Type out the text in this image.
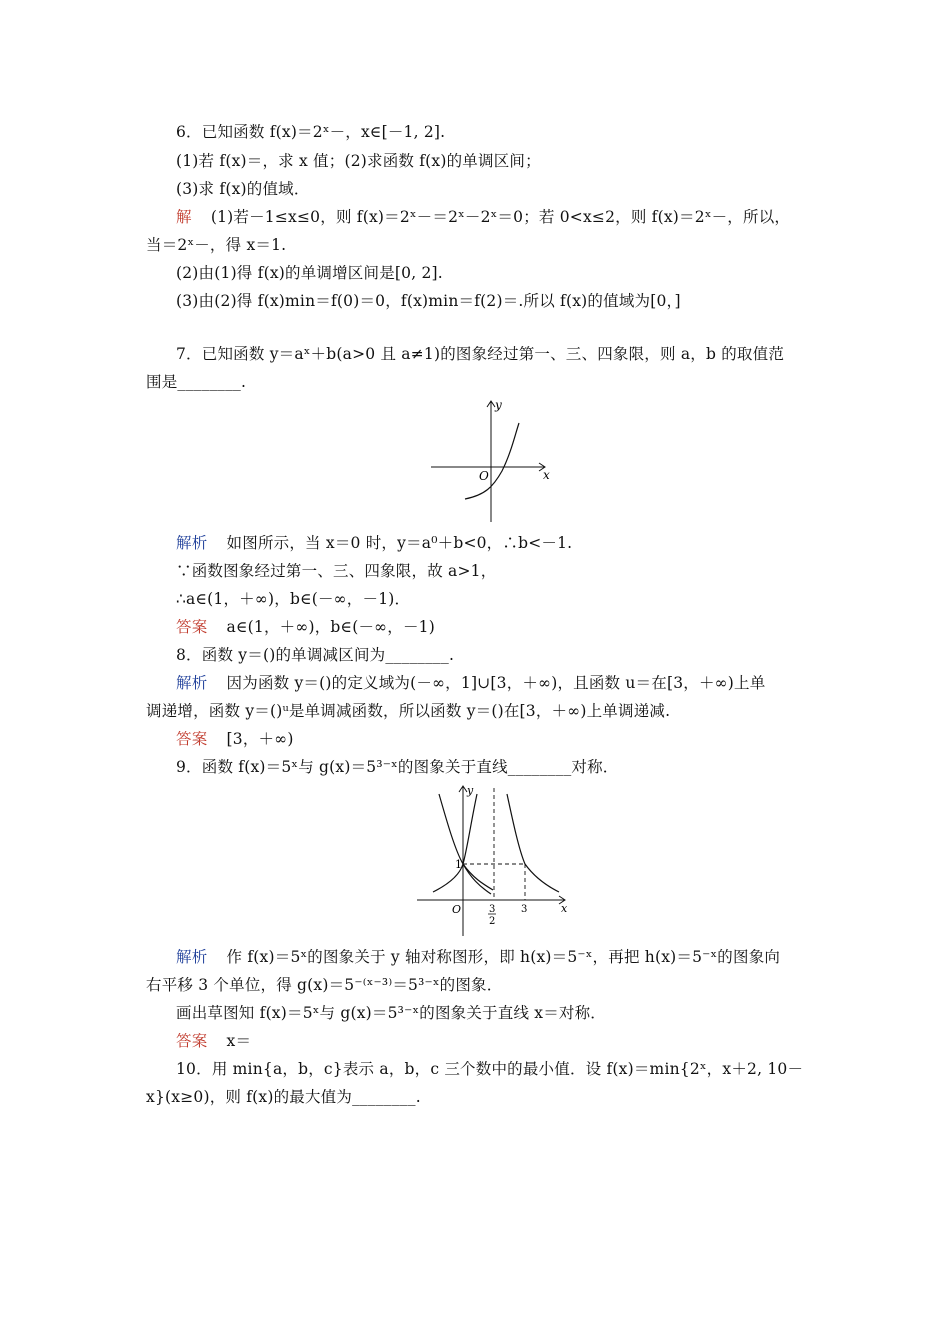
6．已知函数 f(x)＝2ˣ－，x∈[－1, 2].
(1)若 f(x)＝，求 x 值；(2)求函数 f(x)的单调区间；
(3)求 f(x)的值域．
解 (1)若－1≤x≤0，则 f(x)＝2ˣ－＝2ˣ－2ˣ＝0；若 0<x≤2，则 f(x)＝2ˣ－，所以，
当＝2ˣ－，得 x＝1.
(2)由(1)得 f(x)的单调增区间是[0, 2].
(3)由(2)得 f(x)min＝f(0)＝0，f(x)min＝f(2)＝.所以 f(x)的值域为[0，]
7．已知函数 y＝aˣ＋b(a>0 且 a≠1)的图象经过第一、三、四象限，则 a，b 的取值范
围是________.
y
x
O
解析 如图所示，当 x＝0 时，y＝a⁰＋b<0，∴b<－1.
∵函数图象经过第一、三、四象限，故 a>1，
∴a∈(1，＋∞)，b∈(－∞，－1)．
答案 a∈(1，＋∞)，b∈(－∞，－1)
8．函数 y＝()的单调减区间为________.
解析 因为函数 y＝()的定义域为(－∞，1]∪[3，＋∞)，且函数 u＝在[3，＋∞)上单
调递增，函数 y＝()ᵘ是单调减函数，所以函数 y＝()在[3，＋∞)上单调递减.
答案 [3，＋∞)
9．函数 f(x)＝5ˣ与 g(x)＝5³⁻ˣ的图象关于直线________对称．
y
x
O
1
3
2
3
解析 作 f(x)＝5ˣ的图象关于 y 轴对称图形，即 h(x)＝5⁻ˣ，再把 h(x)＝5⁻ˣ的图象向
右平移 3 个单位，得 g(x)＝5⁻⁽ˣ⁻³⁾＝5³⁻ˣ的图象．
画出草图知 f(x)＝5ˣ与 g(x)＝5³⁻ˣ的图象关于直线 x＝对称．
答案 x＝
10．用 min{a，b，c}表示 a，b，c 三个数中的最小值．设 f(x)＝min{2ˣ，x＋2, 10－
x}(x≥0)，则 f(x)的最大值为________.
